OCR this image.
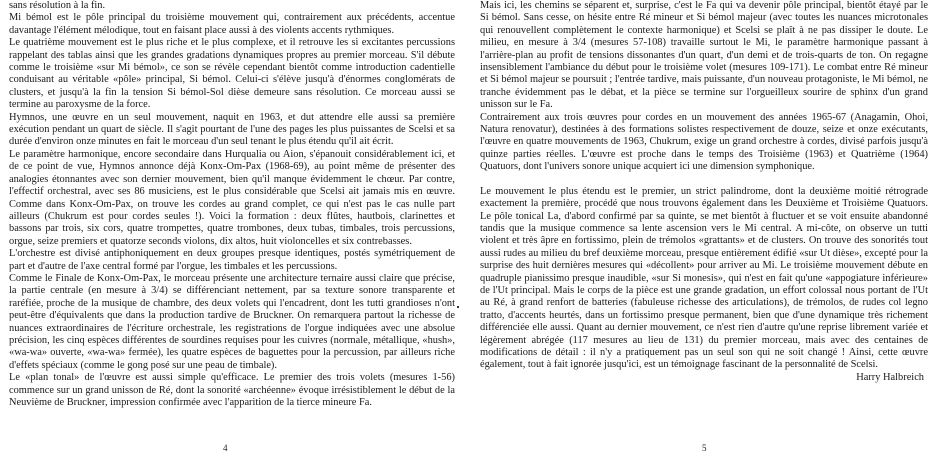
sans résolution à la fin.

Mi bémol est le pôle principal du troisième mouvement qui, contrairement aux précédents, accentue davantage l'élément mélodique, tout en faisant place aussi à des violents accents rythmiques.

Le quatrième mouvement est le plus riche et le plus complexe, et il retrouve les si excitantes percussions rappelant des tablas ainsi que les grandes gradations dynamiques propres au premier morceau. S'il débute comme le troisième «sur Mi bémol», ce son se révèle cependant bientôt comme introduction cadentielle conduisant au véritable «pôle» principal, Si bémol. Celui-ci s'élève jusqu'à d'énormes conglomérats de clusters, et jusqu'à la fin la tension Si bémol-Sol dièse demeure sans résolution. Ce morceau aussi se termine au paroxysme de la force.

Hymnos, une œuvre en un seul mouvement, naquit en 1963, et dut attendre elle aussi sa première exécution pendant un quart de siècle. Il s'agit pourtant de l'une des pages les plus puissantes de Scelsi et sa durée d'environ onze minutes en fait le morceau d'un seul tenant le plus étendu qu'il ait écrit.

Le paramètre harmonique, encore secondaire dans Hurqualia ou Aion, s'épanouit considérablement ici, et de ce point de vue, Hymnos annonce déjà Konx-Om-Pax (1968-69), au point même de présenter des analogies étonnantes avec son dernier mouvement, bien qu'il manque évidemment le chœur. Par contre, l'effectif orchestral, avec ses 86 musiciens, est le plus considérable que Scelsi ait jamais mis en œuvre. Comme dans Konx-Om-Pax, on trouve les cordes au grand complet, ce qui n'est pas le cas nulle part ailleurs (Chukrum est pour cordes seules !). Voici la formation : deux flûtes, hautbois, clarinettes et bassons par trois, six cors, quatre trompettes, quatre trombones, deux tubas, timbales, trois percussions, orgue, seize premiers et quatorze seconds violons, dix altos, huit violoncelles et six contrebasses.

L'orchestre est divisé antiphoniquement en deux groupes presque identiques, postés symétriquement de part et d'autre de l'axe central formé par l'orgue, les timbales et les percussions.

Comme le Finale de Konx-Om-Pax, le morceau présente une architecture ternaire aussi claire que précise, la partie centrale (en mesure à 3/4) se différenciant nettement, par sa texture sonore transparente et raréfiée, proche de la musique de chambre, des deux volets qui l'encadrent, dont les tutti grandioses n'ont peut-être d'équivalents que dans la production tardive de Bruckner. On remarquera partout la richesse de nuances extraordinaires de l'écriture orchestrale, les registrations de l'orgue indiquées avec une absolue précision, les cinq espèces différentes de sourdines requises pour les cuivres (normale, métallique, «hush», «wa-wa» ouverte, «wa-wa» fermée), les quatre espèces de baguettes pour la percussion, par ailleurs riche d'effets spéciaux (comme le gong posé sur une peau de timbale).

Le «plan tonal» de l'œuvre est aussi simple qu'efficace. Le premier des trois volets (mesures 1-56) commence sur un grand unisson de Ré, dont la sonorité «archéenne» évoque irrésistiblement le début de la Neuvième de Bruckner, impression confirmée avec l'apparition de la tierce mineure Fa.

Mais ici, les chemins se séparent et, surprise, c'est le Fa qui va devenir pôle principal, bientôt étayé par le Si bémol. Sans cesse, on hésite entre Ré mineur et Si bémol majeur (avec toutes les nuances microtonales qui renouvellent complètement le contexte harmonique) et Scelsi se plaît à ne pas dissiper le doute. Le milieu, en mesure à 3/4 (mesures 57-108) travaille surtout le Mi, le paramètre harmonique passant à l'arrière-plan au profit de tensions dissonantes d'un quart, d'un demi et de trois-quarts de ton. On regagne insensiblement l'ambiance du début pour le troisième volet (mesures 109-171). Le combat entre Ré mineur et Si bémol majeur se poursuit ; l'entrée tardive, mais puissante, d'un nouveau protagoniste, le Mi bémol, ne tranche évidemment pas le débat, et la pièce se termine sur l'orgueilleux sourire de sphinx d'un grand unisson sur le Fa.

Contrairement aux trois œuvres pour cordes en un mouvement des années 1965-67 (Anagamin, Ohoi, Natura renovatur), destinées à des formations solistes respectivement de douze, seize et onze exécutants, l'œuvre en quatre mouvements de 1963, Chukrum, exige un grand orchestre à cordes, divisé parfois jusqu'à quinze parties réelles. L'œuvre est proche dans le temps des Troisième (1963) et Quatrième (1964) Quatuors, dont l'univers sonore unique acquiert ici une dimension symphonique.

Le mouvement le plus étendu est le premier, un strict palindrome, dont la deuxième moitié rétrograde exactement la première, procédé que nous trouvons également dans les Deuxième et Troisième Quatuors. Le pôle tonical La, d'abord confirmé par sa quinte, se met bientôt à fluctuer et se voit ensuite abandonné tandis que la musique commence sa lente ascension vers le Mi central. A mi-côte, on observe un tutti violent et très âpre en fortissimo, plein de trémolos «grattants» et de clusters. On trouve des sonorités tout aussi rudes au milieu du bref deuxième morceau, presque entièrement édifié «sur Ut dièse», excepté pour la surprise des huit dernières mesures qui «décollent» pour arriver au Mi. Le troisième mouvement débute en quadruple pianissimo presque inaudible, «sur Si monesis», qui n'est en fait qu'une «appogiature inférieure» de l'Ut principal. Mais le corps de la pièce est une grande gradation, un effort colossal nous portant de l'Ut au Ré, à grand renfort de batteries (fabuleuse richesse des articulations), de trémolos, de rudes col legno tratto, d'accents heurtés, dans un fortissimo presque permanent, bien que d'une dynamique très richement différenciée elle aussi. Quant au dernier mouvement, ce n'est rien d'autre qu'une reprise librement variée et légèrement abrégée (117 mesures au lieu de 131) du premier morceau, mais avec des centaines de modifications de détail : il n'y a pratiquement pas un seul son qui ne soit changé ! Ainsi, cette œuvre également, tout à fait ignorée jusqu'ici, est un témoignage fascinant de la personnalité de Scelsi.

Harry Halbreich

4	5
